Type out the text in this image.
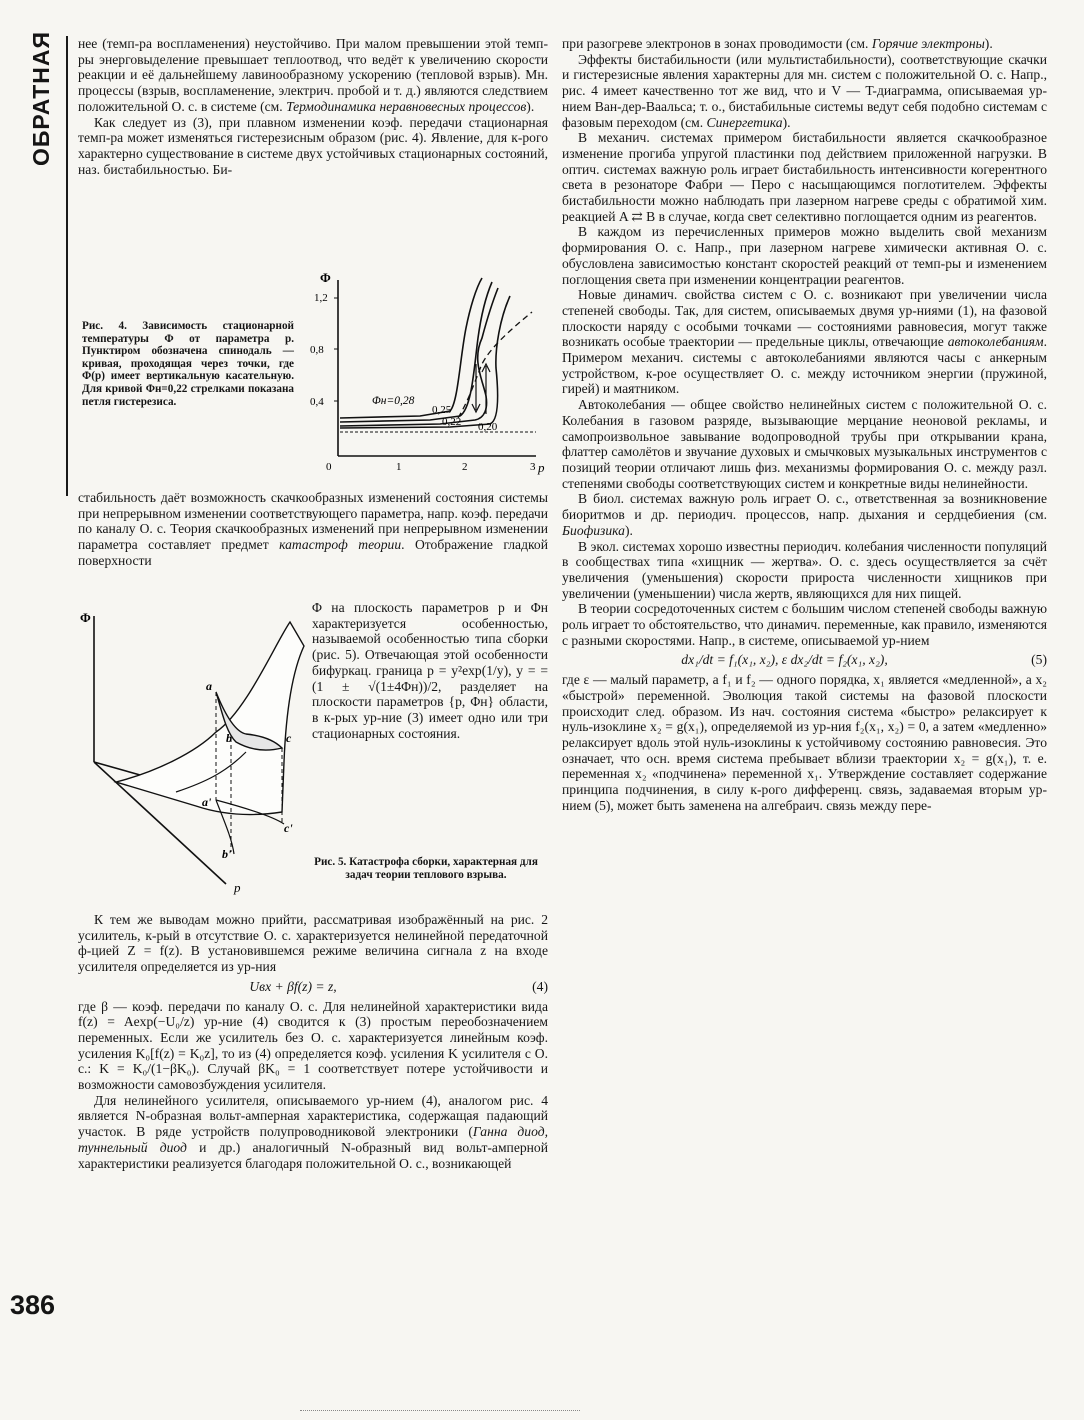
ОБРАТНАЯ
386

нее (темп-ра воспламенения) неустойчиво. При малом превышении этой темп-ры энерговыделение превышает теплоотвод, что ведёт к увеличению скорости реакции и её дальнейшему лавинообразному ускорению (тепловой взрыв). Мн. процессы (взрыв, воспламенение, электрич. пробой и т. д.) являются следствием положительной О. с. в системе (см. Термодинамика неравновесных процессов).

Как следует из (3), при плавном изменении коэф. передачи стационарная темп-ра может изменяться гистерезисным образом (рис. 4). Явление, для к-рого характерно существование в системе двух устойчивых стационарных состояний, наз. бистабильностью. Би-

Рис. 4. Зависимость стационарной температуры Φ от параметра p. Пунктиром обозначена спинодаль — кривая, проходящая через точки, где Φ(p) имеет вертикальную касательную. Для кривой Φн=0,22 стрелками показана петля гистерезиса.
Φ
p
1,2
0,8
0,4
0	1	2	3
Φн=0,28
0,25
0,22 0,20

стабильность даёт возможность скачкообразных изменений состояния системы при непрерывном изменении соответствующего параметра, напр. коэф. передачи по каналу О. с. Теория скачкообразных изменений при непрерывном изменении параметра составляет предмет катастроф теории. Отображение гладкой поверхности

Φ
p
a
b	c
a'
b'
c'

Φ на плоскость параметров p и Φн характеризуется особенностью, называемой особенностью типа сборки (рис. 5). Отвечающая этой особенности бифуркац. граница p = y²exp(1/y), y = = (1 ± √(1±4Φн))/2, разделяет на плоскости параметров {p, Φн} области, в к-рых ур-ние (3) имеет одно или три стационарных состояния.

Рис. 5. Катастрофа сборки, характерная для задач теории теплового взрыва.

К тем же выводам можно прийти, рассматривая изображённый на рис. 2 усилитель, к-рый в отсутствие О. с. характеризуется нелинейной передаточной ф-цией Z = f(z). В установившемся режиме величина сигнала z на входе усилителя определяется из ур-ния

Uвх + βf(z) = z,	(4)

где β — коэф. передачи по каналу О. с. Для нелинейной характеристики вида f(z) = Aexp(−U₀/z) ур-ние (4) сводится к (3) простым переобозначением переменных. Если же усилитель без О. с. характеризуется линейным коэф. усиления K₀[f(z) = K₀z], то из (4) определяется коэф. усиления K усилителя с О. с.: K = K₀/(1−βK₀). Случай βK₀ = 1 соответствует потере устойчивости и возможности самовозбуждения усилителя.

Для нелинейного усилителя, описываемого ур-нием (4), аналогом рис. 4 является N-образная вольт-амперная характеристика, содержащая падающий участок. В ряде устройств полупроводниковой электроники (Ганна диод, туннельный диод и др.) аналогичный N-образный вид вольт-амперной характеристики реализуется благодаря положительной О. с., возникающей

при разогреве электронов в зонах проводимости (см. Горячие электроны).

Эффекты бистабильности (или мультистабильности), соответствующие скачки и гистерезисные явления характерны для мн. систем с положительной О. с. Напр., рис. 4 имеет качественно тот же вид, что и V — T-диаграмма, описываемая ур-нием Ван-дер-Ваальса; т. о., бистабильные системы ведут себя подобно системам с фазовым переходом (см. Синергетика).

В механич. системах примером бистабильности является скачкообразное изменение прогиба упругой пластинки под действием приложенной нагрузки. В оптич. системах важную роль играет бистабильность интенсивности когерентного света в резонаторе Фабри — Перо с насыщающимся поглотителем. Эффекты бистабильности можно наблюдать при лазерном нагреве среды с обратимой хим. реакцией A ⇄ B в случае, когда свет селективно поглощается одним из реагентов.

В каждом из перечисленных примеров можно выделить свой механизм формирования О. с. Напр., при лазерном нагреве химически активная О. с. обусловлена зависимостью констант скоростей реакций от темп-ры и изменением поглощения света при изменении концентрации реагентов.

Новые динамич. свойства систем с О. с. возникают при увеличении числа степеней свободы. Так, для систем, описываемых двумя ур-ниями (1), на фазовой плоскости наряду с особыми точками — состояниями равновесия, могут также возникать особые траектории — предельные циклы, отвечающие автоколебаниям. Примером механич. системы с автоколебаниями являются часы с анкерным устройством, к-рое осуществляет О. с. между источником энергии (пружиной, гирей) и маятником.

Автоколебания — общее свойство нелинейных систем с положительной О. с. Колебания в газовом разряде, вызывающие мерцание неоновой рекламы, и самопроизвольное завывание водопроводной трубы при открывании крана, флаттер самолётов и звучание духовых и смычковых музыкальных инструментов с позиций теории отличают лишь физ. механизмы формирования О. с. между разл. степенями свободы соответствующих систем и конкретные виды нелинейности.

В биол. системах важную роль играет О. с., ответственная за возникновение биоритмов и др. периодич. процессов, напр. дыхания и сердцебиения (см. Биофизика).

В экол. системах хорошо известны периодич. колебания численности популяций в сообществах типа «хищник — жертва». О. с. здесь осуществляется за счёт увеличения (уменьшения) скорости прироста численности хищников при увеличении (уменьшении) числа жертв, являющихся для них пищей.

В теории сосредоточенных систем с большим числом степеней свободы важную роль играет то обстоятельство, что динамич. переменные, как правило, изменяются с разными скоростями. Напр., в системе, описываемой ур-нием

dx₁/dt = f₁(x₁, x₂), ε dx₂/dt = f₂(x₁, x₂),	(5)

где ε — малый параметр, а f₁ и f₂ — одного порядка, x₁ является «медленной», а x₂ «быстрой» переменной. Эволюция такой системы на фазовой плоскости происходит след. образом. Из нач. состояния система «быстро» релаксирует к нуль-изоклине x₂ = g(x₁), определяемой из ур-ния f₂(x₁, x₂) = 0, а затем «медленно» релаксирует вдоль этой нуль-изоклины к устойчивому состоянию равновесия. Это означает, что осн. время система пребывает вблизи траектории x₂ = g(x₁), т. е. переменная x₂ «подчинена» переменной x₁. Утверждение составляет содержание принципа подчинения, в силу к-рого дифференц. связь, задаваемая вторым ур-нием (5), может быть заменена на алгебраич. связь между пере-
